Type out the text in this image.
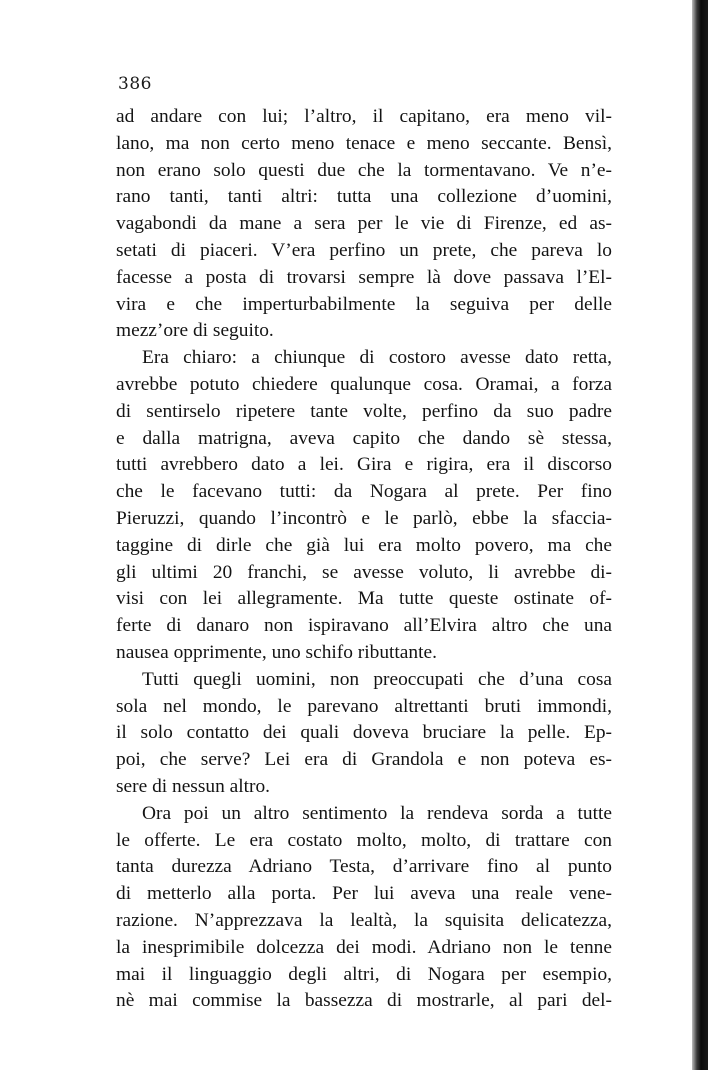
386
ad andare con lui; l’altro, il capitano, era meno vil-
lano, ma non certo meno tenace e meno seccante. Bensì,
non erano solo questi due che la tormentavano. Ve n’e-
rano tanti, tanti altri: tutta una collezione d’uomini,
vagabondi da mane a sera per le vie di Firenze, ed as-
setati di piaceri. V’era perfino un prete, che pareva lo
facesse a posta di trovarsi sempre là dove passava l’El-
vira e che imperturbabilmente la seguiva per delle
mezz’ore di seguito.
Era chiaro: a chiunque di costoro avesse dato retta,
avrebbe potuto chiedere qualunque cosa. Oramai, a forza
di sentirselo ripetere tante volte, perfino da suo padre
e dalla matrigna, aveva capito che dando sè stessa,
tutti avrebbero dato a lei. Gira e rigira, era il discorso
che le facevano tutti: da Nogara al prete. Per fino
Pieruzzi, quando l’incontrò e le parlò, ebbe la sfaccia-
taggine di dirle che già lui era molto povero, ma che
gli ultimi 20 franchi, se avesse voluto, li avrebbe di-
visi con lei allegramente. Ma tutte queste ostinate of-
ferte di danaro non ispiravano all’Elvira altro che una
nausea opprimente, uno schifo ributtante.
Tutti quegli uomini, non preoccupati che d’una cosa
sola nel mondo, le parevano altrettanti bruti immondi,
il solo contatto dei quali doveva bruciare la pelle. Ep-
poi, che serve? Lei era di Grandola e non poteva es-
sere di nessun altro.
Ora poi un altro sentimento la rendeva sorda a tutte
le offerte. Le era costato molto, molto, di trattare con
tanta durezza Adriano Testa, d’arrivare fino al punto
di metterlo alla porta. Per lui aveva una reale vene-
razione. N’apprezzava la lealtà, la squisita delicatezza,
la inesprimibile dolcezza dei modi. Adriano non le tenne
mai il linguaggio degli altri, di Nogara per esempio,
nè mai commise la bassezza di mostrarle, al pari del-
